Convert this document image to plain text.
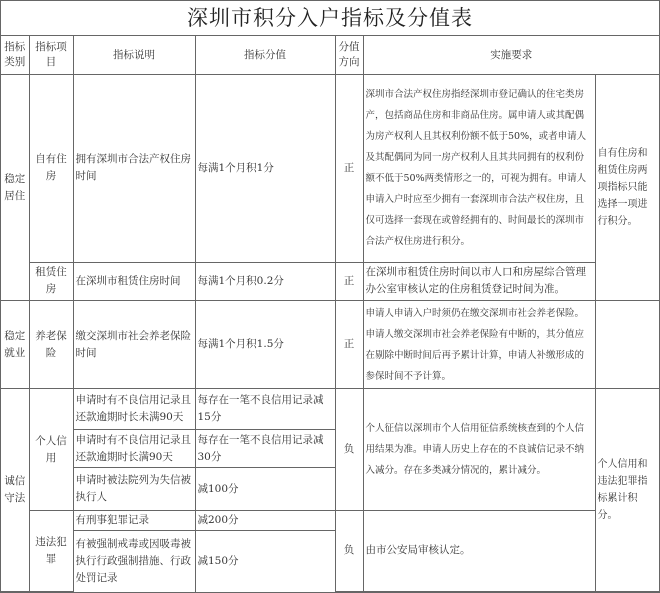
深圳市积分入户指标及分值表
指标类别	指标项目	指标说明	指标分值	分值方向	实施要求	
稳定居住	自有住房	拥有深圳市合法产权住房时间	每满1个月积1分	正	深圳市合法产权住房指经深圳市登记确认的住宅类房产，包括商品住房和非商品住房。属申请人或其配偶为房产权利人且其权利份额不低于50%，或者申请人及其配偶同为同一房产权利人且其共同拥有的权利份额不低于50%两类情形之一的，可视为拥有。申请人申请入户时应至少拥有一套深圳市合法产权住房，且仅可选择一套现在或曾经拥有的、时间最长的深圳市合法产权住房进行积分。	自有住房和租赁住房两项指标只能选择一项进行积分。
	租赁住房	在深圳市租赁住房时间	每满1个月积0.2分	正	在深圳市租赁住房时间以市人口和房屋综合管理办公室审核认定的住房租赁登记时间为准。	
稳定就业	养老保险	缴交深圳市社会养老保险时间	每满1个月积1.5分	正	申请人申请入户时须仍在缴交深圳市社会养老保险。申请人缴交深圳市社会养老保险有中断的，其分值应在剔除中断时间后再予累计计算，申请人补缴形成的参保时间不予计算。	
诚信守法	个人信用	申请时有不良信用记录且还款逾期时长未满90天	每存在一笔不良信用记录减15分	负	个人征信以深圳市个人信用征信系统核查到的个人信用结果为准。申请人历史上存在的不良诚信记录不纳入减分。存在多类减分情况的，累计减分。	个人信用和违法犯罪指标累计积分。
		申请时有不良信用记录且还款逾期时长满90天	每存在一笔不良信用记录减30分			
		申请时被法院列为失信被执行人	减100分			
	违法犯罪	有刑事犯罪记录	减200分	负	由市公安局审核认定。	
		有被强制戒毒或因吸毒被执行行政强制措施、行政处罚记录	减150分			
